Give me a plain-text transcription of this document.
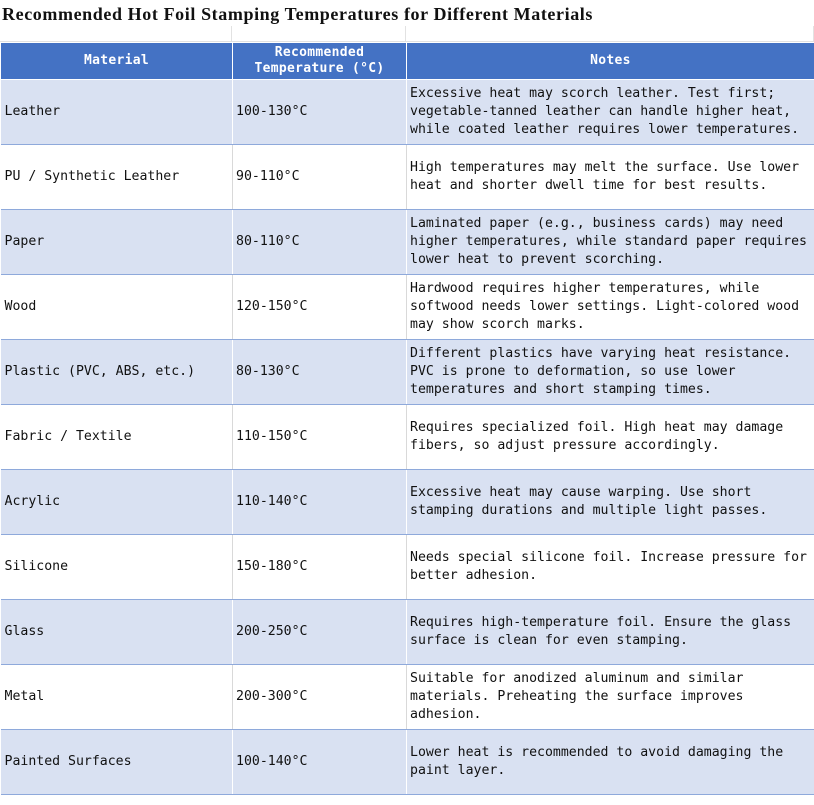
Recommended Hot Foil Stamping Temperatures for Different Materials
Material	Recommended Temperature (°C)	Notes
Leather	100-130°C	Excessive heat may scorch leather. Test first; vegetable-tanned leather can handle higher heat, while coated leather requires lower temperatures.
PU / Synthetic Leather	90-110°C	High temperatures may melt the surface. Use lower heat and shorter dwell time for best results.
Paper	80-110°C	Laminated paper (e.g., business cards) may need higher temperatures, while standard paper requires lower heat to prevent scorching.
Wood	120-150°C	Hardwood requires higher temperatures, while softwood needs lower settings. Light-colored wood may show scorch marks.
Plastic (PVC, ABS, etc.)	80-130°C	Different plastics have varying heat resistance. PVC is prone to deformation, so use lower temperatures and short stamping times.
Fabric / Textile	110-150°C	Requires specialized foil. High heat may damage fibers, so adjust pressure accordingly.
Acrylic	110-140°C	Excessive heat may cause warping. Use short stamping durations and multiple light passes.
Silicone	150-180°C	Needs special silicone foil. Increase pressure for better adhesion.
Glass	200-250°C	Requires high-temperature foil. Ensure the glass surface is clean for even stamping.
Metal	200-300°C	Suitable for anodized aluminum and similar materials. Preheating the surface improves adhesion.
Painted Surfaces	100-140°C	Lower heat is recommended to avoid damaging the paint layer.
